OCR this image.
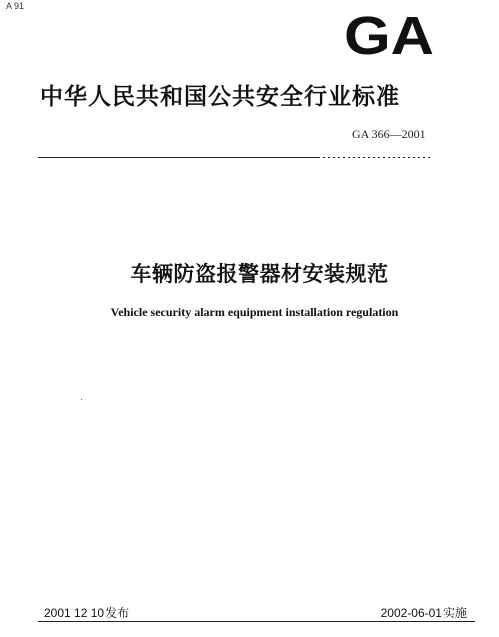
A 91	GA
中华人民共和国公共安全行业标准
GA 366—2001
车辆防盗报警器材安装规范
Vehicle security alarm equipment installation regulation
2001 12 10发布	2002-06-01实施
